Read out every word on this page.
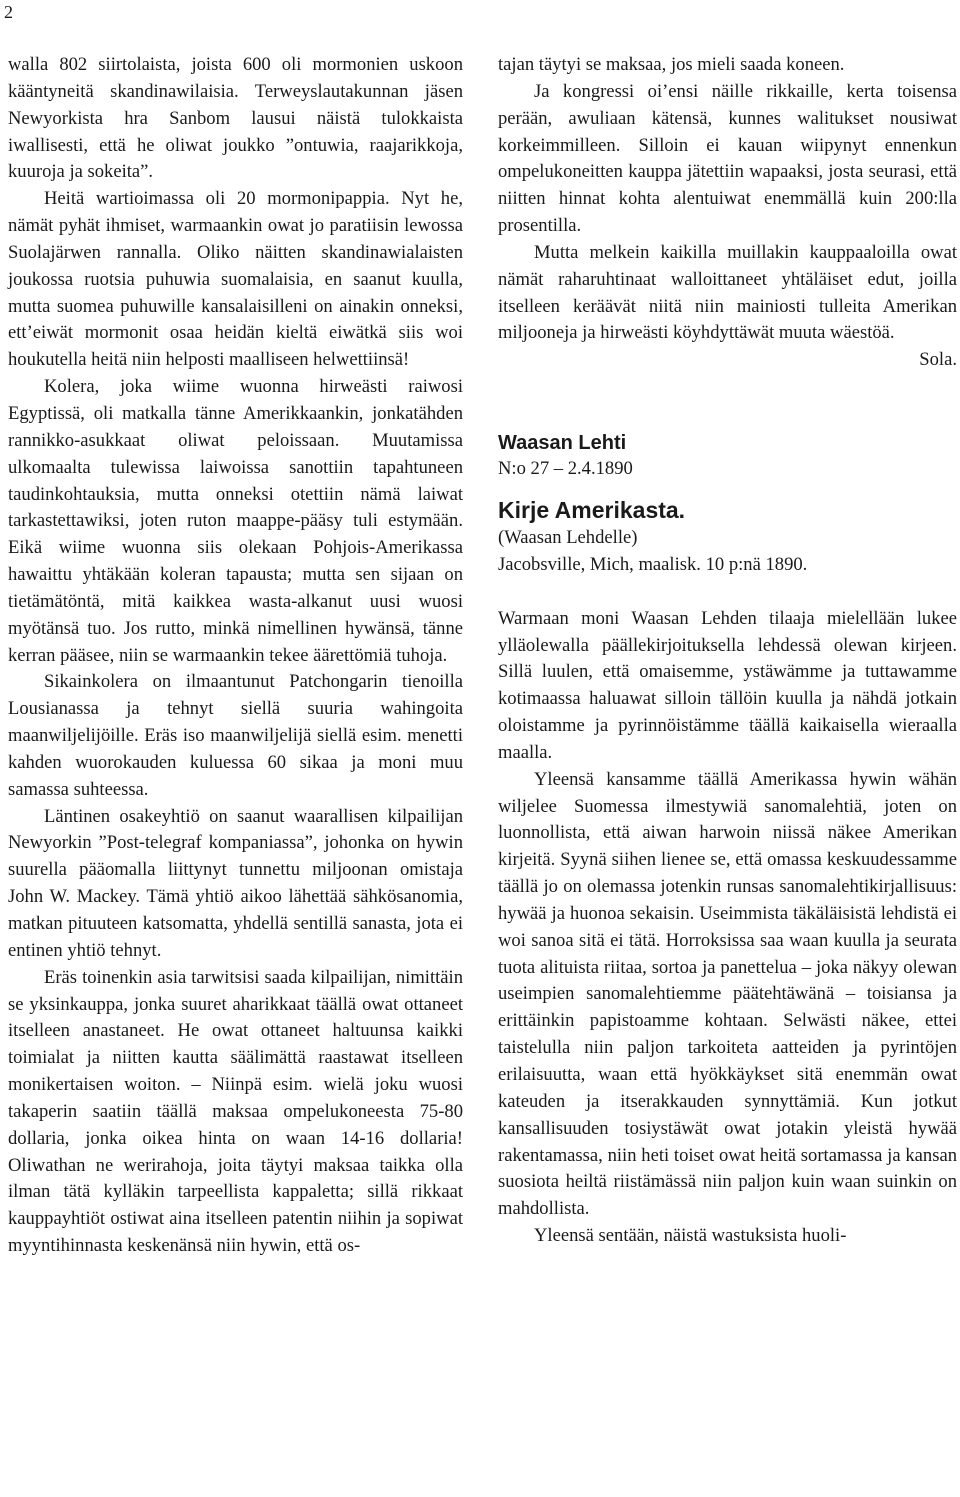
2

walla 802 siirtolaista, joista 600 oli mormonien uskoon kääntyneitä skandinawilaisia. Terweyslautakunnan jäsen Newyorkista hra Sanbom lausui näistä tulokkaista iwallisesti, että he oliwat joukko ”ontuwia, raajarikkoja, kuuroja ja sokeita”.

Heitä wartioimassa oli 20 mormonipappia. Nyt he, nämät pyhät ihmiset, warmaankin owat jo paratiisin lewossa Suolajärwen rannalla. Oliko näitten skandinawialaisten joukossa ruotsia puhuwia suomalaisia, en saanut kuulla, mutta suomea puhuwille kansalaisilleni on ainakin onneksi, ett’eiwät mormonit osaa heidän kieltä eiwätkä siis woi houkutella heitä niin helposti maalliseen helwettiinsä!

Kolera, joka wiime wuonna hirweästi raiwosi Egyptissä, oli matkalla tänne Amerikkaankin, jonkatähden rannikko-asukkaat oliwat peloissaan. Muutamissa ulkomaalta tulewissa laiwoissa sanottiin tapahtuneen taudinkohtauksia, mutta onneksi otettiin nämä laiwat tarkastettawiksi, joten ruton maappe-pääsy tuli estymään. Eikä wiime wuonna siis olekaan Pohjois-Amerikassa hawaittu yhtäkään koleran tapausta; mutta sen sijaan on tietämätöntä, mitä kaikkea wasta-alkanut uusi wuosi myötänsä tuo. Jos rutto, minkä nimellinen hywänsä, tänne kerran pääsee, niin se warmaankin tekee äärettömiä tuhoja.

Sikainkolera on ilmaantunut Patchongarin tienoilla Lousianassa ja tehnyt siellä suuria wahingoita maanwiljelijöille. Eräs iso maanwiljelijä siellä esim. menetti kahden wuorokauden kuluessa 60 sikaa ja moni muu samassa suhteessa.

Läntinen osakeyhtiö on saanut waarallisen kilpailijan Newyorkin ”Post-telegraf kompaniassa”, johonka on hywin suurella pääomalla liittynyt tunnettu miljoonan omistaja John W. Mackey. Tämä yhtiö aikoo lähettää sähkösanomia, matkan pituuteen katsomatta, yhdellä sentillä sanasta, jota ei entinen yhtiö tehnyt.

Eräs toinenkin asia tarwitsisi saada kilpailijan, nimittäin se yksinkauppa, jonka suuret aharikkaat täällä owat ottaneet itselleen anastaneet. He owat ottaneet haltuunsa kaikki toimialat ja niitten kautta säälimättä raastawat itselleen monikertaisen woiton. – Niinpä esim. wielä joku wuosi takaperin saatiin täällä maksaa ompelukoneesta 75-80 dollaria, jonka oikea hinta on waan 14-16 dollaria! Oliwathan ne werirahoja, joita täytyi maksaa taikka olla ilman tätä kylläkin tarpeellista kappaletta; sillä rikkaat kauppayhtiöt ostiwat aina itselleen patentin niihin ja sopiwat myyntihinnasta keskenänsä niin hywin, että os-

tajan täytyi se maksaa, jos mieli saada koneen.

Ja kongressi oi’ensi näille rikkaille, kerta toisensa perään, awuliaan kätensä, kunnes walitukset nousiwat korkeimmilleen. Silloin ei kauan wiipynyt ennenkun ompelukoneitten kauppa jätettiin wapaaksi, josta seurasi, että niitten hinnat kohta alentuiwat enemmällä kuin 200:lla prosentilla.

Mutta melkein kaikilla muillakin kauppaaloilla owat nämät raharuhtinaat walloittaneet yhtäläiset edut, joilla itselleen keräävät niitä niin mainiosti tulleita Amerikan miljooneja ja hirweästi köyhdyttäwät muuta wäestöä.

Sola.

Waasan Lehti

N:o 27 – 2.4.1890

Kirje Amerikasta.

(Waasan Lehdelle)

Jacobsville, Mich, maalisk. 10 p:nä 1890.

Warmaan moni Waasan Lehden tilaaja mielellään lukee ylläolewalla päällekirjoituksella lehdessä olewan kirjeen. Sillä luulen, että omaisemme, ystäwämme ja tuttawamme kotimaassa haluawat silloin tällöin kuulla ja nähdä jotkain oloistamme ja pyrinnöistämme täällä kaikaisella wieraalla maalla.

Yleensä kansamme täällä Amerikassa hywin wähän wiljelee Suomessa ilmestywiä sanomalehtiä, joten on luonnollista, että aiwan harwoin niissä näkee Amerikan kirjeitä. Syynä siihen lienee se, että omassa keskuudessamme täällä jo on olemassa jotenkin runsas sanomalehtikirjallisuus: hywää ja huonoa sekaisin. Useimmista täkäläisistä lehdistä ei woi sanoa sitä ei tätä. Horroksissa saa waan kuulla ja seurata tuota alituista riitaa, sortoa ja panettelua – joka näkyy olewan useimpien sanomalehtiemme päätehtäwänä – toisiansa ja erittäinkin papistoamme kohtaan. Selwästi näkee, ettei taistelulla niin paljon tarkoiteta aatteiden ja pyrintöjen erilaisuutta, waan että hyökkäykset sitä enemmän owat kateuden ja itserakkauden synnyttämiä. Kun jotkut kansallisuuden tosiystäwät owat jotakin yleistä hywää rakentamassa, niin heti toiset owat heitä sortamassa ja kansan suosiota heiltä riistämässä niin paljon kuin waan suinkin on mahdollista.

Yleensä sentään, näistä wastuksista huoli-
